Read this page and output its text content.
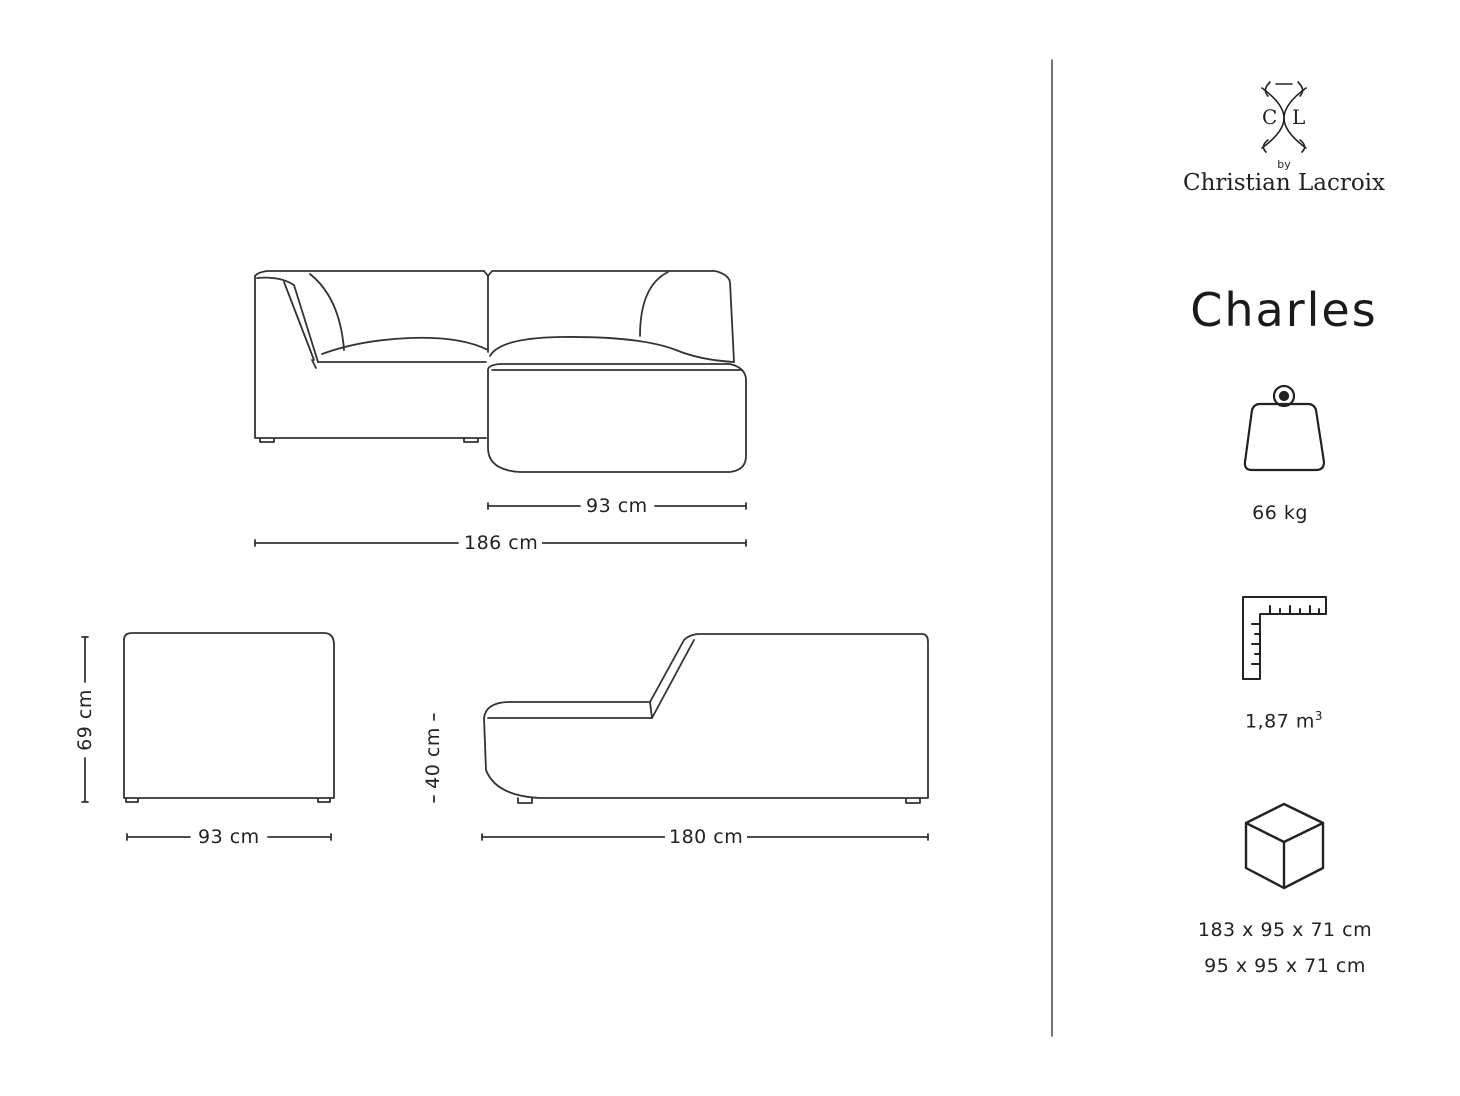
C L
93 cm
186 cm
69 cm
93 cm
40 cm
180 cm
by
Christian Lacroix
Charles
66 kg
1,87 $m^3$
183 x 95 x 71 cm
95 x 95 x 71 cm
